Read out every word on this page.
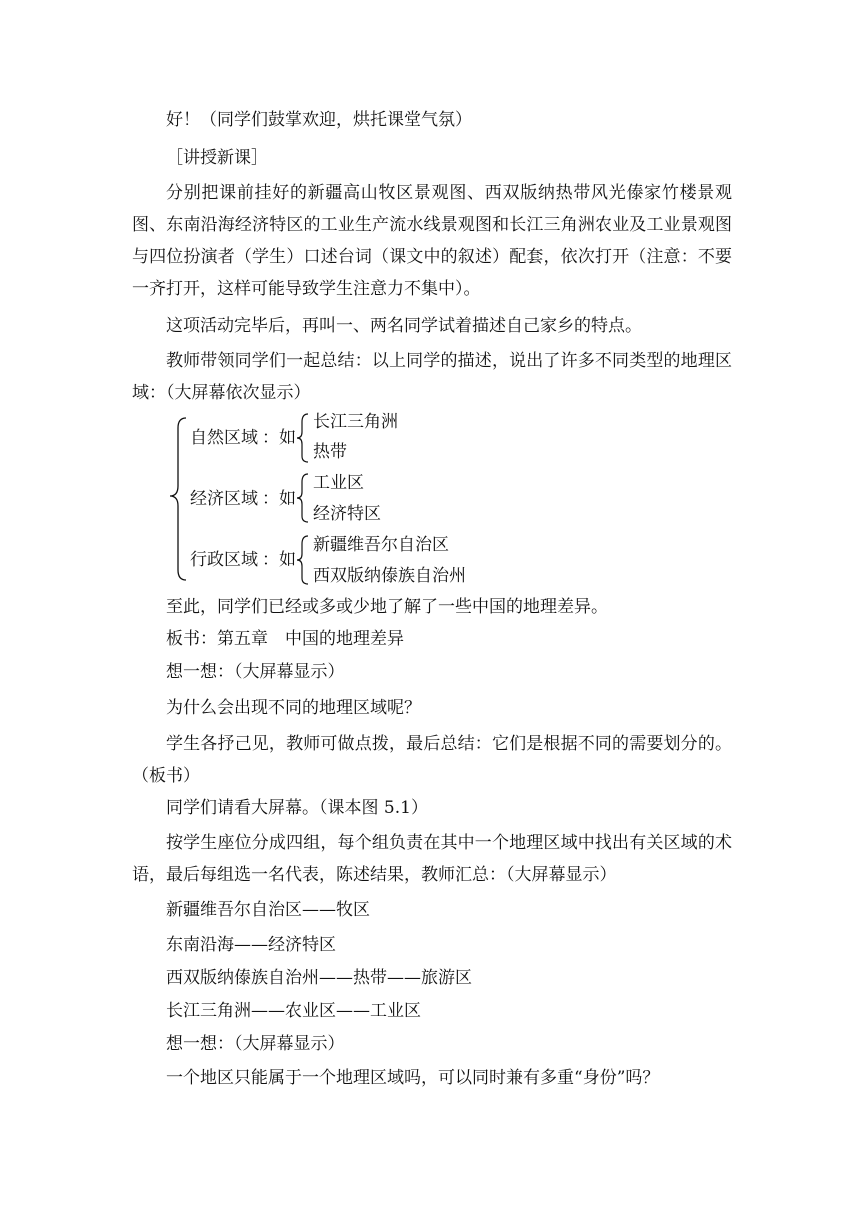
好！（同学们鼓掌欢迎，烘托课堂气氛）
［讲授新课］
分别把课前挂好的新疆高山牧区景观图、西双版纳热带风光傣家竹楼景观
图、东南沿海经济特区的工业生产流水线景观图和长江三角洲农业及工业景观图
与四位扮演者（学生）口述台词（课文中的叙述）配套，依次打开（注意：不要
一齐打开，这样可能导致学生注意力不集中）。
这项活动完毕后，再叫一、两名同学试着描述自己家乡的特点。
教师带领同学们一起总结：以上同学的描述，说出了许多不同类型的地理区
域：（大屏幕依次显示）
自然区域 ：如
长江三角洲
热带
经济区域 ：如
工业区
经济特区
行政区域 ：如
新疆维吾尔自治区
西双版纳傣族自治州
至此，同学们已经或多或少地了解了一些中国的地理差异。
板书：第五章　中国的地理差异
想一想：（大屏幕显示）
为什么会出现不同的地理区域呢？
学生各抒己见，教师可做点拨，最后总结：它们是根据不同的需要划分的。
（板书）
同学们请看大屏幕。（课本图 5.1）
按学生座位分成四组，每个组负责在其中一个地理区域中找出有关区域的术
语，最后每组选一名代表，陈述结果，教师汇总：（大屏幕显示）
新疆维吾尔自治区——牧区
东南沿海——经济特区
西双版纳傣族自治州——热带——旅游区
长江三角洲——农业区——工业区
想一想：（大屏幕显示）
一个地区只能属于一个地理区域吗，可以同时兼有多重“身份”吗？
